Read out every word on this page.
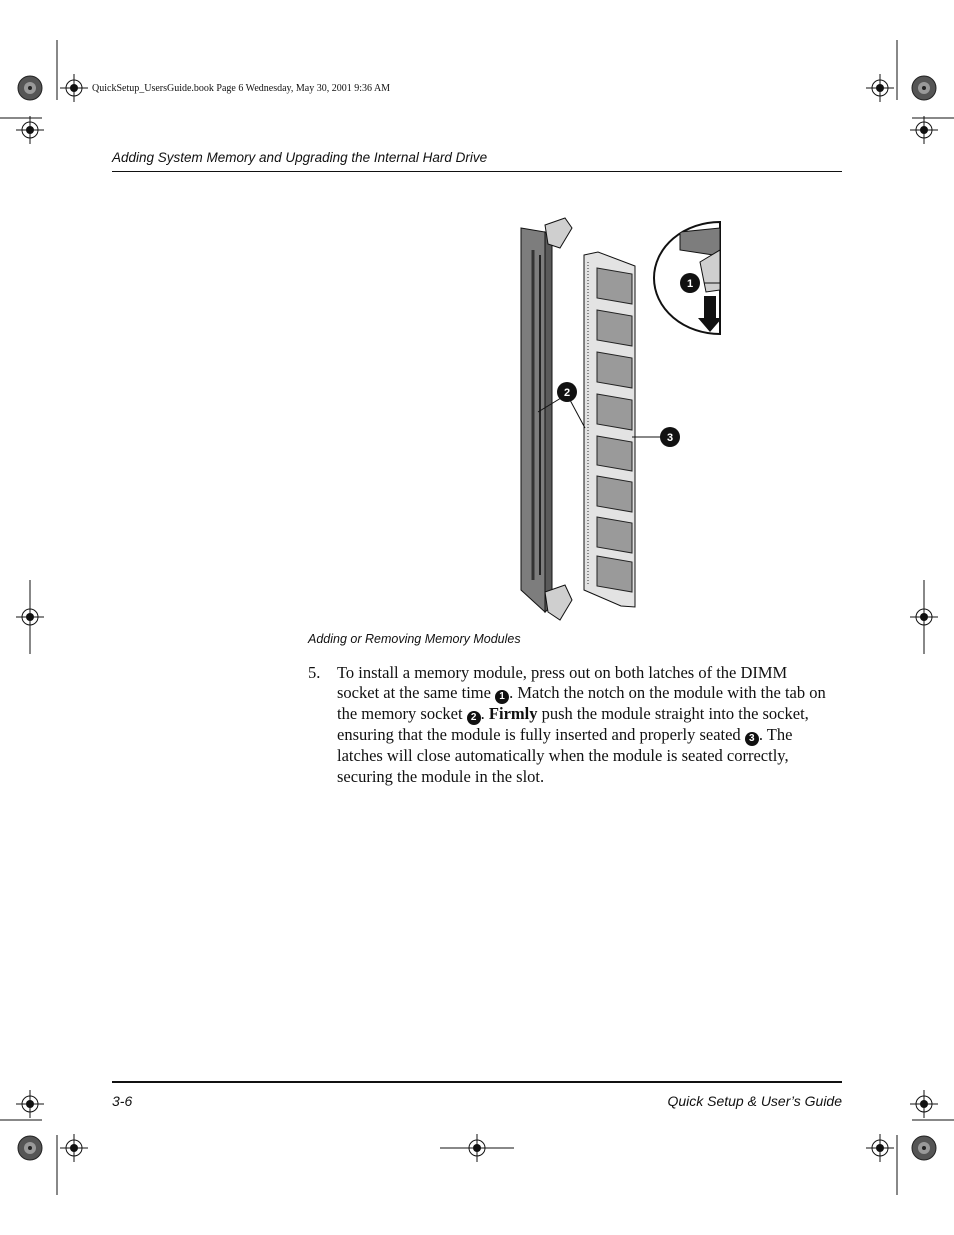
QuickSetup_UsersGuide.book Page 6 Wednesday, May 30, 2001 9:36 AM
Adding System Memory and Upgrading the Internal Hard Drive
1
2
3
Adding or Removing Memory Modules
5. To install a memory module, press out on both latches of the DIMM
socket at the same time 1 . Match the notch on the module with the tab on
the memory socket 2 . Firmly push the module straight into the socket,
ensuring that the module is fully inserted and properly seated 3 . The
latches will close automatically when the module is seated correctly,
securing the module in the slot.
3-6	Quick Setup & User’s Guide
